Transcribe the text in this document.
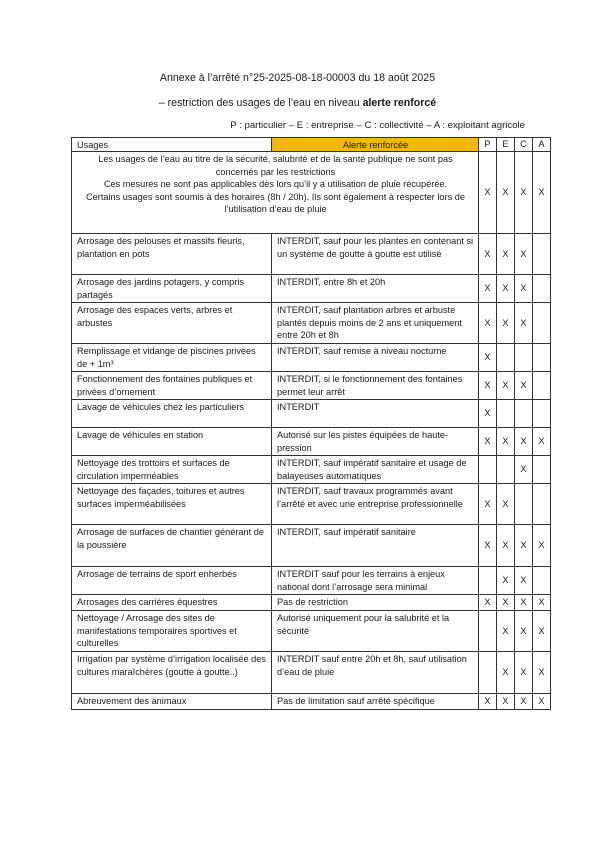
Annexe à l’arrêté n°25-2025-08-18-00003 du 18 août 2025
– restriction des usages de l’eau en niveau alerte renforcé
P : particulier – E : entreprise – C : collectivité – A : exploitant agricole
Usages	Alerte renforcée	P	E	C	A

Les usages de l’eau au titre de la sécurité, salubrité et de la santé publique ne sont pas concernés par les restrictions

Ces mesures ne sont pas applicables dès lors qu’il y a utilisation de pluie récupérée.

Certains usages sont soumis à des horaires (8h / 20h). Ils sont également à respecter lors de l’utilisation d’eau de pluie		X	X	X	X
Arrosage des pelouses et massifs fleuris, plantation en pots	INTERDIT, sauf pour les plantes en contenant si un système de goutte à goutte est utilisé	X	X	X	
Arrosage des jardins potagers, y compris partagés	INTERDIT, entre 8h et 20h	X	X	X	
Arrosage des espaces verts, arbres et arbustes	INTERDIT, sauf plantation arbres et arbuste plantés depuis moins de 2 ans et uniquement entre 20h et 8h	X	X	X	
Remplissage et vidange de piscines privées de + 1m³	INTERDIT, sauf remise à niveau nocturne	X			
Fonctionnement des fontaines publiques et privées d’ornement	INTERDIT, si le fonctionnement des fontaines permet leur arrêt	X	X	X	
Lavage de véhicules chez les particuliers	INTERDIT	X			
Lavage de véhicules en station	Autorisé sur les pistes équipées de haute-pression	X	X	X	X
Nettoyage des trottoirs et surfaces de circulation imperméables	INTERDIT, sauf impératif sanitaire et usage de balayeuses automatiques			X	
Nettoyage des façades, toitures et autres surfaces imperméabilisées	INTERDIT, sauf travaux programmés avant l’arrêté et avec une entreprise professionnelle	X	X		
Arrosage de surfaces de chantier générant de la poussière	INTERDIT, sauf impératif sanitaire	X	X	X	X
Arrosage de terrains de sport enherbés	INTERDIT sauf pour les terrains à enjeux national dont l’arrosage sera minimal		X	X	
Arrosages des carrières équestres	Pas de restriction	X	X	X	X
Nettoyage / Arrosage des sites de manifestations temporaires sportives et culturelles	Autorisé uniquement pour la salubrité et la sécurité		X	X	X
Irrigation par système d’irrigation localisée des cultures maraîchères (goutte à goutte..)	INTERDIT sauf entre 20h et 8h, sauf utilisation d’eau de pluie		X	X	X
Abreuvement des animaux	Pas de limitation sauf arrêté spécifique	X	X	X	X
